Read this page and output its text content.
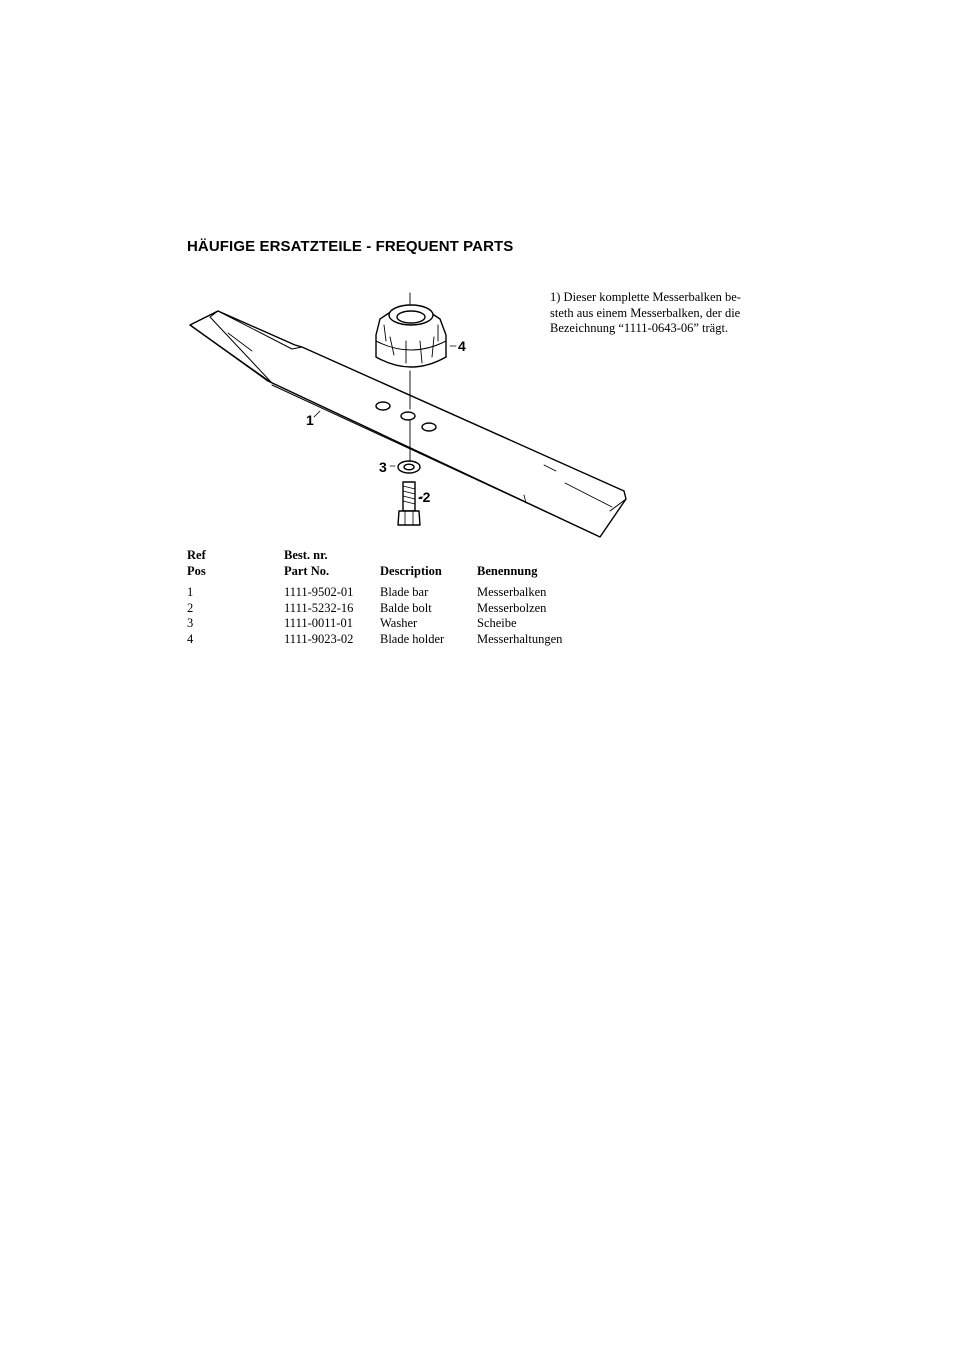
HÄUFIGE ERSATZTEILE - FREQUENT PARTS
1) Dieser komplette Messerbalken be-
steth aus einem Messerbalken, der die
Bezeichnung “1111-0643-06” trägt.
1
3
-2
4
Ref	Best. nr.		
Pos	Part No.	Description	Benennung

1	1111-9502-01	Blade bar	Messerbalken
2	1111-5232-16	Balde bolt	Messerbolzen
3	1111-0011-01	Washer	Scheibe
4	1111-9023-02	Blade holder	Messerhaltungen
